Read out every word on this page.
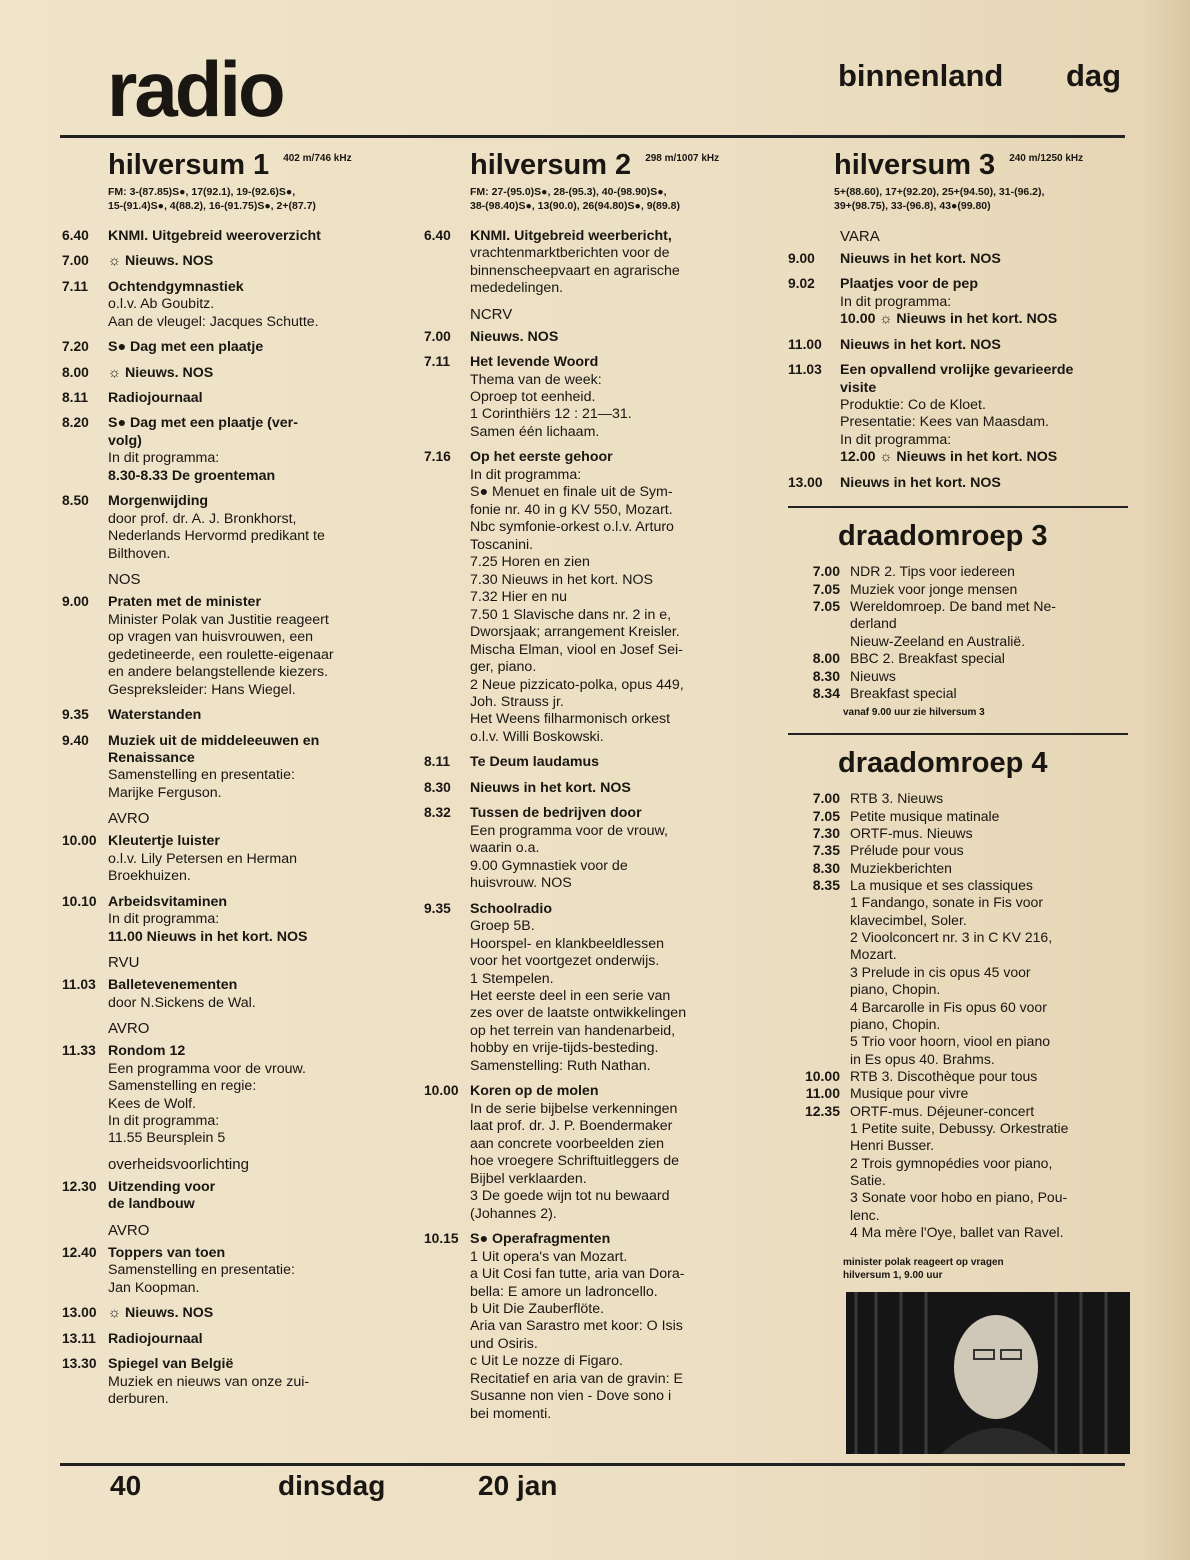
radio	binnenland dag
hilversum 1 402 m/746 kHz
FM: 3-(87.85)S●, 17(92.1), 19-(92.6)S●,
15-(91.4)S●, 4(88.2), 16-(91.75)S●, 2+(87.7)
6.40	KNMI. Uitgebreid weeroverzicht
7.00	☼ Nieuws. NOS
7.11	Ochtendgymnastiek
o.l.v. Ab Goubitz.
Aan de vleugel: Jacques Schutte.
7.20	S● Dag met een plaatje
8.00	☼ Nieuws. NOS
8.11	Radiojournaal
8.20	S● Dag met een plaatje (ver-
volg)
In dit programma:
8.30-8.33 De groenteman
8.50	Morgenwijding
door prof. dr. A. J. Bronkhorst,
Nederlands Hervormd predikant te
Bilthoven.
NOS
9.00	Praten met de minister
Minister Polak van Justitie reageert
op vragen van huisvrouwen, een
gedetineerde, een roulette-eigenaar
en andere belangstellende kiezers.
Gespreksleider: Hans Wiegel.
9.35	Waterstanden
9.40	Muziek uit de middeleeuwen en
Renaissance
Samenstelling en presentatie:
Marijke Ferguson.
AVRO
10.00 Kleutertje luister
o.l.v. Lily Petersen en Herman
Broekhuizen.
10.10 Arbeidsvitaminen
In dit programma:
11.00 Nieuws in het kort. NOS
RVU
11.03 Balletevenementen
door N.Sickens de Wal.
AVRO
11.33 Rondom 12
Een programma voor de vrouw.
Samenstelling en regie:
Kees de Wolf.
In dit programma:
11.55 Beursplein 5
overheidsvoorlichting
12.30 Uitzending voor
de landbouw
AVRO
12.40 Toppers van toen
Samenstelling en presentatie:
Jan Koopman.
13.00 ☼ Nieuws. NOS
13.11 Radiojournaal
13.30 Spiegel van België
Muziek en nieuws van onze zui-
derburen.
hilversum 2 298 m/1007 kHz
FM: 27-(95.0)S●, 28-(95.3), 40-(98.90)S●,
38-(98.40)S●, 13(90.0), 26(94.80)S●, 9(89.8)
6.40	KNMI. Uitgebreid weerbericht,
vrachtenmarktberichten voor de
binnenscheepvaart en agrarische
mededelingen.
NCRV
7.00	Nieuws. NOS
7.11	Het levende Woord
Thema van de week:
Oproep tot eenheid.
1 Corinthiërs 12 : 21—31.
Samen één lichaam.
7.16	Op het eerste gehoor
In dit programma:
S● Menuet en finale uit de Sym-
fonie nr. 40 in g KV 550, Mozart.
Nbc symfonie-orkest o.l.v. Arturo
Toscanini.
7.25 Horen en zien
7.30 Nieuws in het kort. NOS
7.32 Hier en nu
7.50 1 Slavische dans nr. 2 in e,
Dworsjaak; arrangement Kreisler.
Mischa Elman, viool en Josef Sei-
ger, piano.
2 Neue pizzicato-polka, opus 449,
Joh. Strauss jr.
Het Weens filharmonisch orkest
o.l.v. Willi Boskowski.
8.11	Te Deum laudamus
8.30	Nieuws in het kort. NOS
8.32	Tussen de bedrijven door
Een programma voor de vrouw,
waarin o.a.
9.00 Gymnastiek voor de
huisvrouw. NOS
9.35	Schoolradio
Groep 5B.
Hoorspel- en klankbeeldlessen
voor het voortgezet onderwijs.
1 Stempelen.
Het eerste deel in een serie van
zes over de laatste ontwikkelingen
op het terrein van handenarbeid,
hobby en vrije-tijds-besteding.
Samenstelling: Ruth Nathan.
10.00 Koren op de molen
In de serie bijbelse verkenningen
laat prof. dr. J. P. Boendermaker
aan concrete voorbeelden zien
hoe vroegere Schriftuitleggers de
Bijbel verklaarden.
3 De goede wijn tot nu bewaard
(Johannes 2).
10.15 S● Operafragmenten
1 Uit opera's van Mozart.
a Uit Cosi fan tutte, aria van Dora-
bella: E amore un ladroncello.
b Uit Die Zauberflöte.
Aria van Sarastro met koor: O Isis
und Osiris.
c Uit Le nozze di Figaro.
Recitatief en aria van de gravin: E
Susanne non vien - Dove sono i
bei momenti.
hilversum 3 240 m/1250 kHz
5+(88.60), 17+(92.20), 25+(94.50), 31-(96.2),
39+(98.75), 33-(96.8), 43●(99.80)
VARA
9.00	Nieuws in het kort. NOS
9.02	Plaatjes voor de pep
In dit programma:
10.00 ☼ Nieuws in het kort. NOS
11.00	Nieuws in het kort. NOS
11.03	Een opvallend vrolijke gevarieerde
visite
Produktie: Co de Kloet.
Presentatie: Kees van Maasdam.
In dit programma:
12.00 ☼ Nieuws in het kort. NOS
13.00	Nieuws in het kort. NOS
draadomroep 3
7.00 NDR 2. Tips voor iedereen
7.05 Muziek voor jonge mensen
7.05 Wereldomroep. De band met Ne-
derland
Nieuw-Zeeland en Australië.
8.00 BBC 2. Breakfast special
8.30 Nieuws
8.34 Breakfast special
vanaf 9.00 uur zie hilversum 3
draadomroep 4
7.00 RTB 3. Nieuws
7.05 Petite musique matinale
7.30 ORTF-mus. Nieuws
7.35 Prélude pour vous
8.30 Muziekberichten
8.35 La musique et ses classiques
1 Fandango, sonate in Fis voor
klavecimbel, Soler.
2 Vioolconcert nr. 3 in C KV 216,
Mozart.
3 Prelude in cis opus 45 voor
piano, Chopin.
4 Barcarolle in Fis opus 60 voor
piano, Chopin.
5 Trio voor hoorn, viool en piano
in Es opus 40. Brahms.
10.00 RTB 3. Discothèque pour tous
11.00 Musique pour vivre
12.35 ORTF-mus. Déjeuner-concert
1 Petite suite, Debussy. Orkestratie
Henri Busser.
2 Trois gymnopédies voor piano,
Satie.
3 Sonate voor hobo en piano, Pou-
lenc.
4 Ma mère l'Oye, ballet van Ravel.
minister polak reageert op vragen
hilversum 1, 9.00 uur
40	dinsdag	20 jan
